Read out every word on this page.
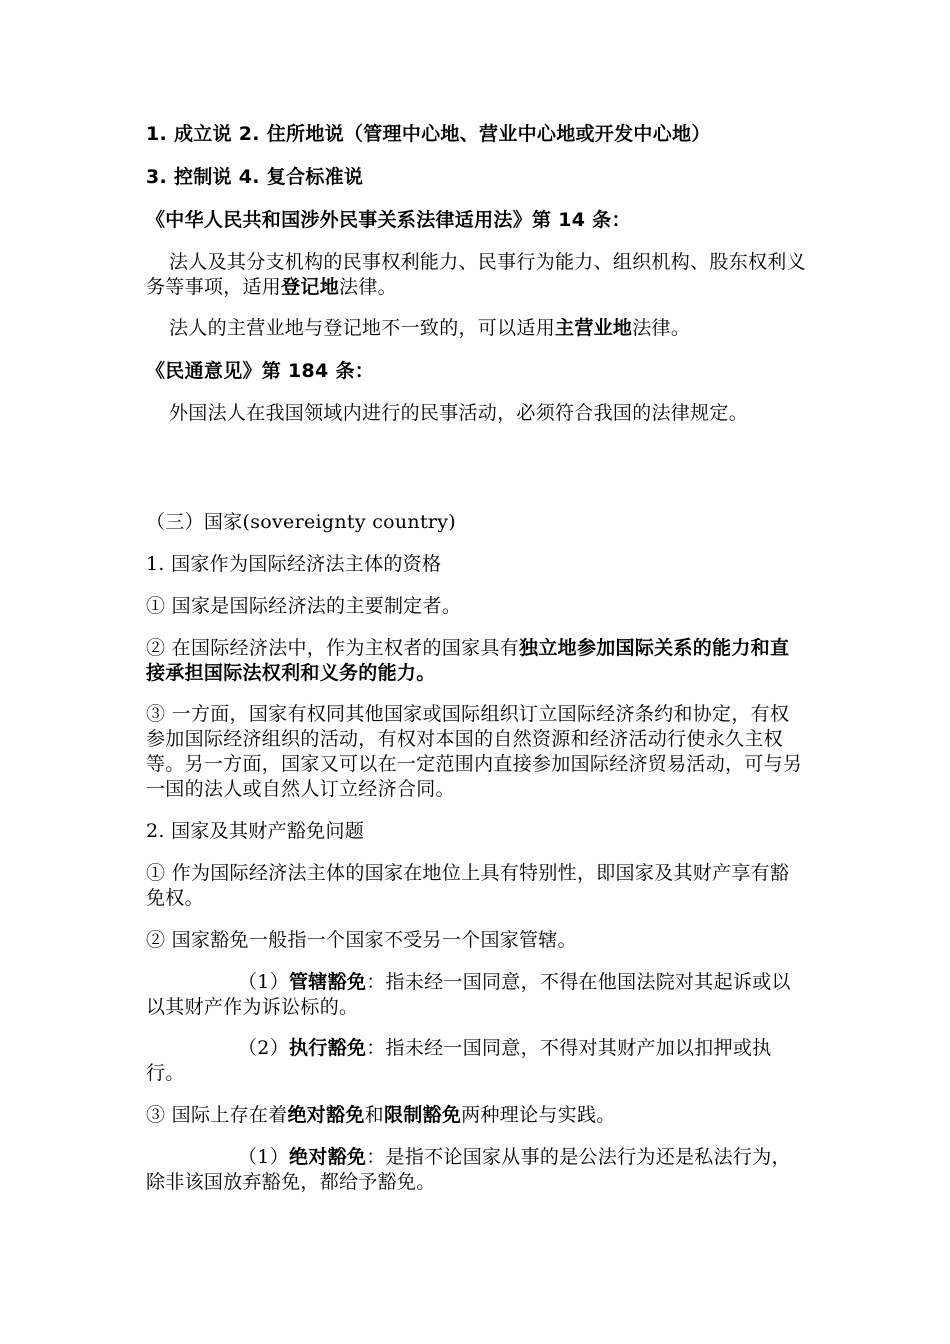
1. 成立说 2. 住所地说（管理中心地、营业中心地或开发中心地）
3. 控制说 4. 复合标准说
《中华人民共和国涉外民事关系法律适用法》第 14 条：
法人及其分支机构的民事权利能力、民事行为能力、组织机构、股东权利义务等事项，适用登记地法律。
法人的主营业地与登记地不一致的，可以适用主营业地法律。
《民通意见》第 184 条：
外国法人在我国领域内进行的民事活动，必须符合我国的法律规定。
（三）国家(sovereignty country)
1. 国家作为国际经济法主体的资格
① 国家是国际经济法的主要制定者。
② 在国际经济法中，作为主权者的国家具有独立地参加国际关系的能力和直接承担国际法权利和义务的能力。
③ 一方面，国家有权同其他国家或国际组织订立国际经济条约和协定，有权参加国际经济组织的活动，有权对本国的自然资源和经济活动行使永久主权等。另一方面，国家又可以在一定范围内直接参加国际经济贸易活动，可与另一国的法人或自然人订立经济合同。
2. 国家及其财产豁免问题
① 作为国际经济法主体的国家在地位上具有特别性，即国家及其财产享有豁免权。
② 国家豁免一般指一个国家不受另一个国家管辖。
（1）管辖豁免：指未经一国同意，不得在他国法院对其起诉或以以其财产作为诉讼标的。
（2）执行豁免：指未经一国同意，不得对其财产加以扣押或执行。
③ 国际上存在着绝对豁免和限制豁免两种理论与实践。
（1）绝对豁免：是指不论国家从事的是公法行为还是私法行为，除非该国放弃豁免，都给予豁免。
